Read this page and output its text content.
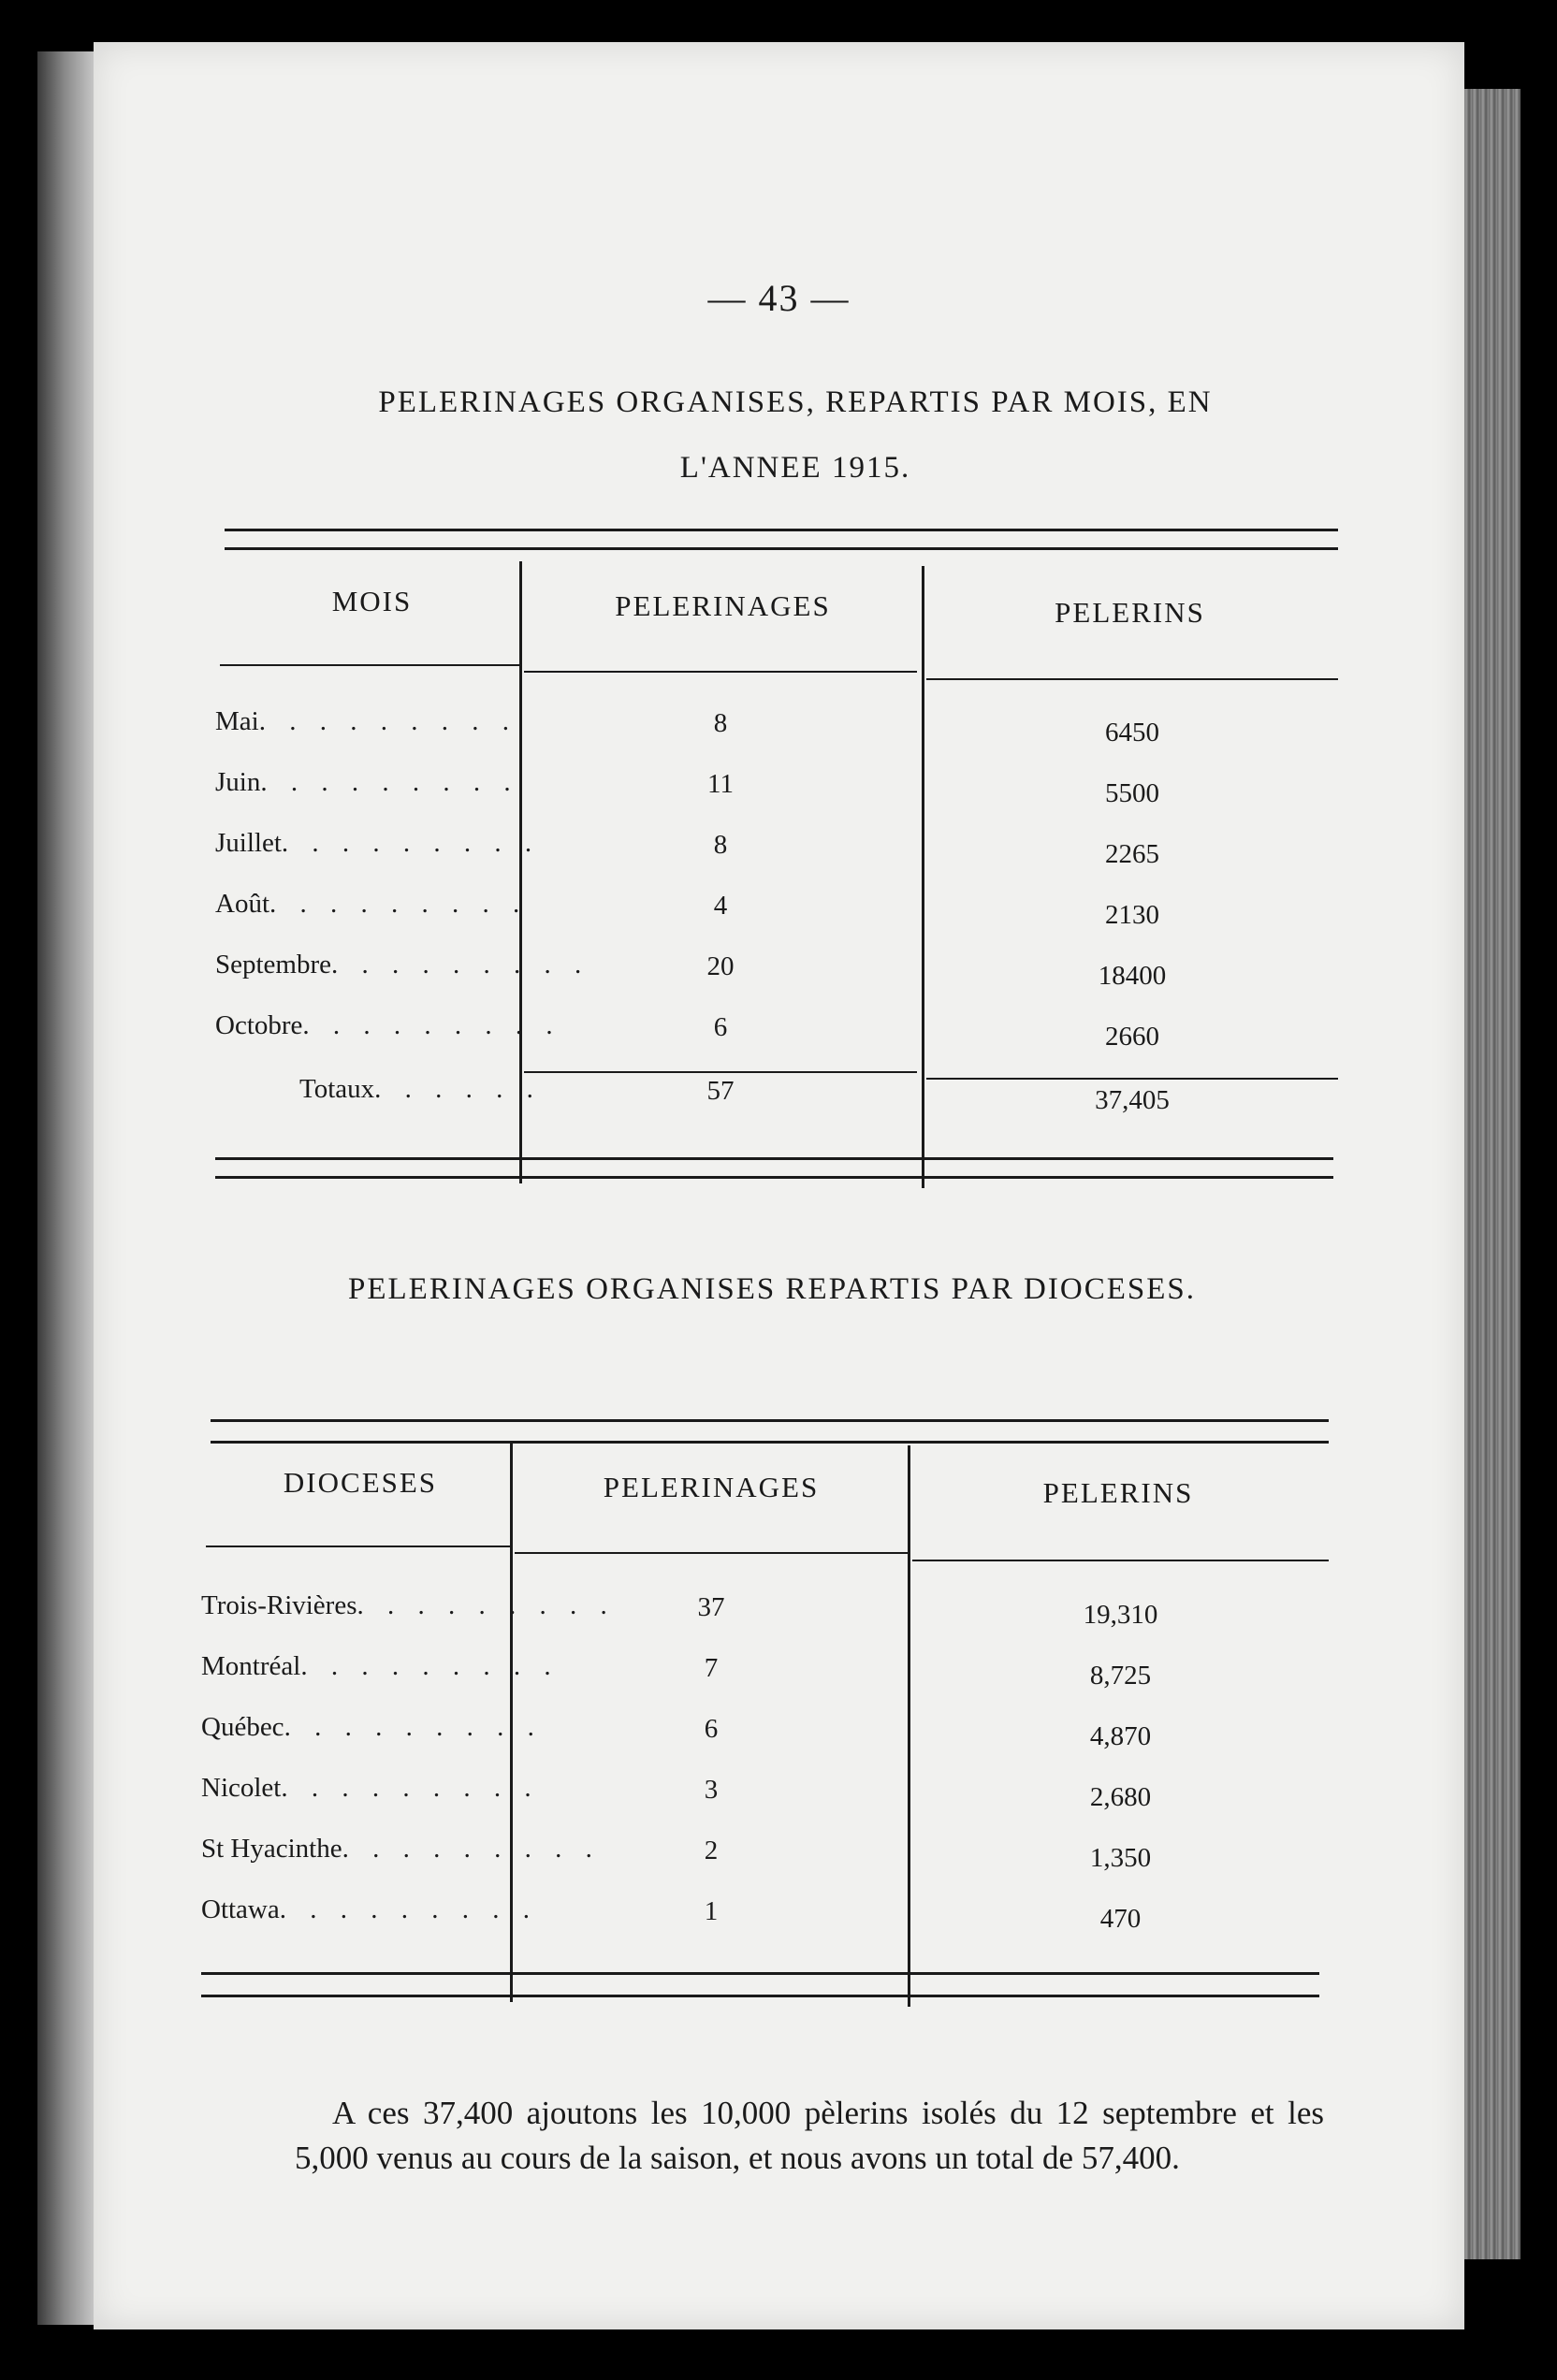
— 43 —
PELERINAGES ORGANISES, REPARTIS PAR MOIS, EN
L'ANNEE 1915.
MOIS	PELERINAGES	PELERINS
Mai. . . . . . . . .	8	6450
Juin. . . . . . . . .	11	5500
Juillet. . . . . . . . .	8	2265
Août. . . . . . . . .	4	2130
Septembre. . . . . . . . .	20	18400
Octobre. . . . . . . . .	6	2660
Totaux. . . . . .	57	37,405
PELERINAGES ORGANISES REPARTIS PAR DIOCESES.
DIOCESES	PELERINAGES	PELERINS
Trois-Rivières. . . . . . . . .	37	19,310
Montréal. . . . . . . . .	7	8,725
Québec. . . . . . . . .	6	4,870
Nicolet. . . . . . . . .	3	2,680
St Hyacinthe. . . . . . . . .	2	1,350
Ottawa. . . . . . . . .	1	470
A ces 37,400 ajoutons les 10,000 pèlerins isolés du 12 septembre et les 5,000 venus au cours de la saison, et nous avons un total de 57,400.
